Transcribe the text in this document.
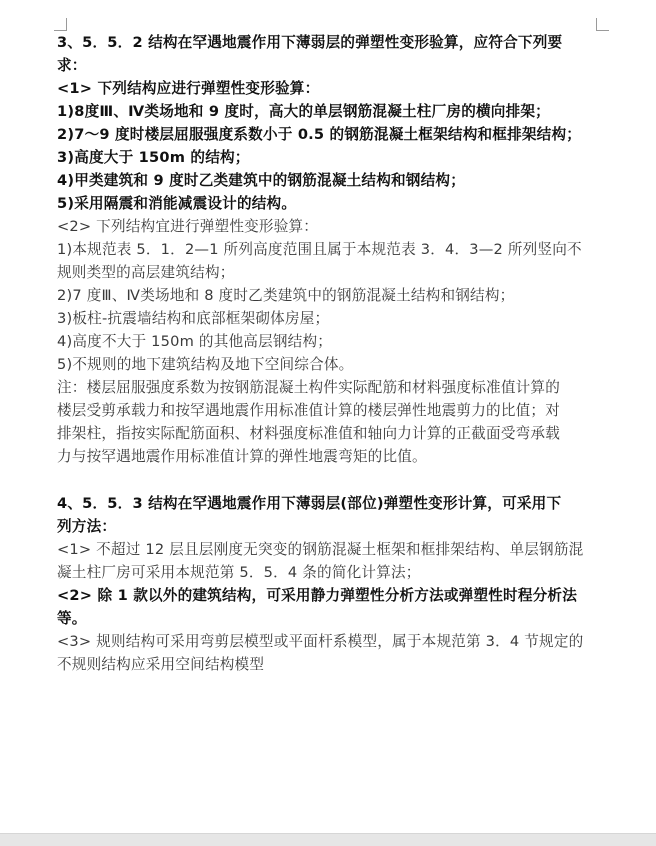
3、5．5．2 结构在罕遇地震作用下薄弱层的弹塑性变形验算，应符合下列要
求：
<1> 下列结构应进行弹塑性变形验算：
1)8度Ⅲ、Ⅳ类场地和 9 度时，高大的单层钢筋混凝土柱厂房的横向排架；
2)7～9 度时楼层屈服强度系数小于 0.5 的钢筋混凝土框架结构和框排架结构；
3)高度大于 150m 的结构；
4)甲类建筑和 9 度时乙类建筑中的钢筋混凝土结构和钢结构；
5)采用隔震和消能减震设计的结构。
<2> 下列结构宜进行弹塑性变形验算：
1)本规范表 5．1．2—1 所列高度范围且属于本规范表 3．4．3—2 所列竖向不
规则类型的高层建筑结构；
2)7 度Ⅲ、Ⅳ类场地和 8 度时乙类建筑中的钢筋混凝土结构和钢结构；
3)板柱-抗震墙结构和底部框架砌体房屋；
4)高度不大于 150m 的其他高层钢结构；
5)不规则的地下建筑结构及地下空间综合体。
注：楼层屈服强度系数为按钢筋混凝土构件实际配筋和材料强度标准值计算的
楼层受剪承载力和按罕遇地震作用标准值计算的楼层弹性地震剪力的比值；对
排架柱，指按实际配筋面积、材料强度标准值和轴向力计算的正截面受弯承载
力与按罕遇地震作用标准值计算的弹性地震弯矩的比值。
4、5．5．3 结构在罕遇地震作用下薄弱层(部位)弹塑性变形计算，可采用下
列方法：
<1> 不超过 12 层且层刚度无突变的钢筋混凝土框架和框排架结构、单层钢筋混
凝土柱厂房可采用本规范第 5．5．4 条的简化计算法；
<2> 除 1 款以外的建筑结构，可采用静力弹塑性分析方法或弹塑性时程分析法
等。
<3> 规则结构可采用弯剪层模型或平面杆系模型，属于本规范第 3．4 节规定的
不规则结构应采用空间结构模型
